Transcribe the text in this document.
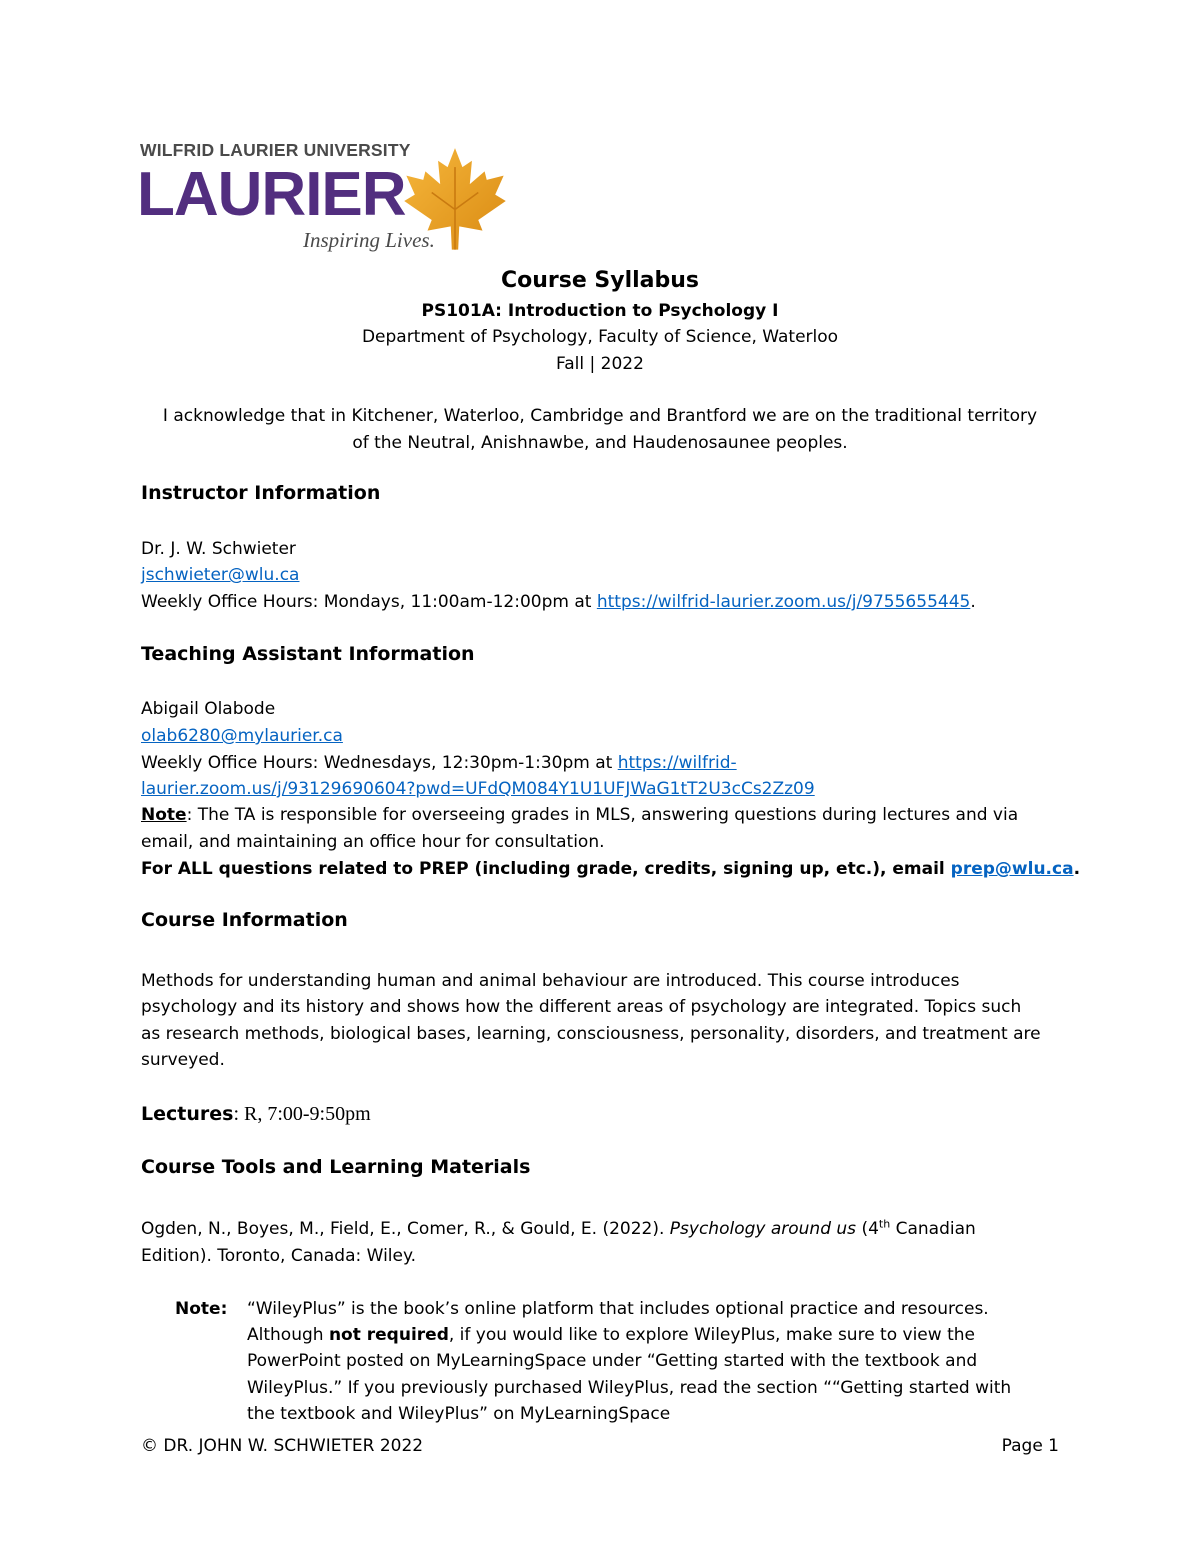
WILFRID LAURIER UNIVERSITY
LAURIER
Inspiring Lives.
Course Syllabus
PS101A: Introduction to Psychology I
Department of Psychology, Faculty of Science, Waterloo
Fall | 2022
I acknowledge that in Kitchener, Waterloo, Cambridge and Brantford we are on the traditional territory
of the Neutral, Anishnawbe, and Haudenosaunee peoples.
Instructor Information
Dr. J. W. Schwieter
jschwieter@wlu.ca
Weekly Office Hours: Mondays, 11:00am-12:00pm at https://wilfrid-laurier.zoom.us/j/9755655445.
Teaching Assistant Information
Abigail Olabode
olab6280@mylaurier.ca
Weekly Office Hours: Wednesdays, 12:30pm-1:30pm at https://wilfrid-
laurier.zoom.us/j/93129690604?pwd=UFdQM084Y1U1UFJWaG1tT2U3cCs2Zz09
Note: The TA is responsible for overseeing grades in MLS, answering questions during lectures and via
email, and maintaining an office hour for consultation.
For ALL questions related to PREP (including grade, credits, signing up, etc.), email prep@wlu.ca.
Course Information
Methods for understanding human and animal behaviour are introduced. This course introduces
psychology and its history and shows how the different areas of psychology are integrated. Topics such
as research methods, biological bases, learning, consciousness, personality, disorders, and treatment are
surveyed.
Lectures: R, 7:00-9:50pm
Course Tools and Learning Materials
Ogden, N., Boyes, M., Field, E., Comer, R., & Gould, E. (2022). Psychology around us (4th Canadian
Edition). Toronto, Canada: Wiley.
Note: “WileyPlus” is the book’s online platform that includes optional practice and resources.
Although not required, if you would like to explore WileyPlus, make sure to view the
PowerPoint posted on MyLearningSpace under “Getting started with the textbook and
WileyPlus.” If you previously purchased WileyPlus, read the section ““Getting started with
the textbook and WileyPlus” on MyLearningSpace
© DR. JOHN W. SCHWIETER 2022	Page 1
